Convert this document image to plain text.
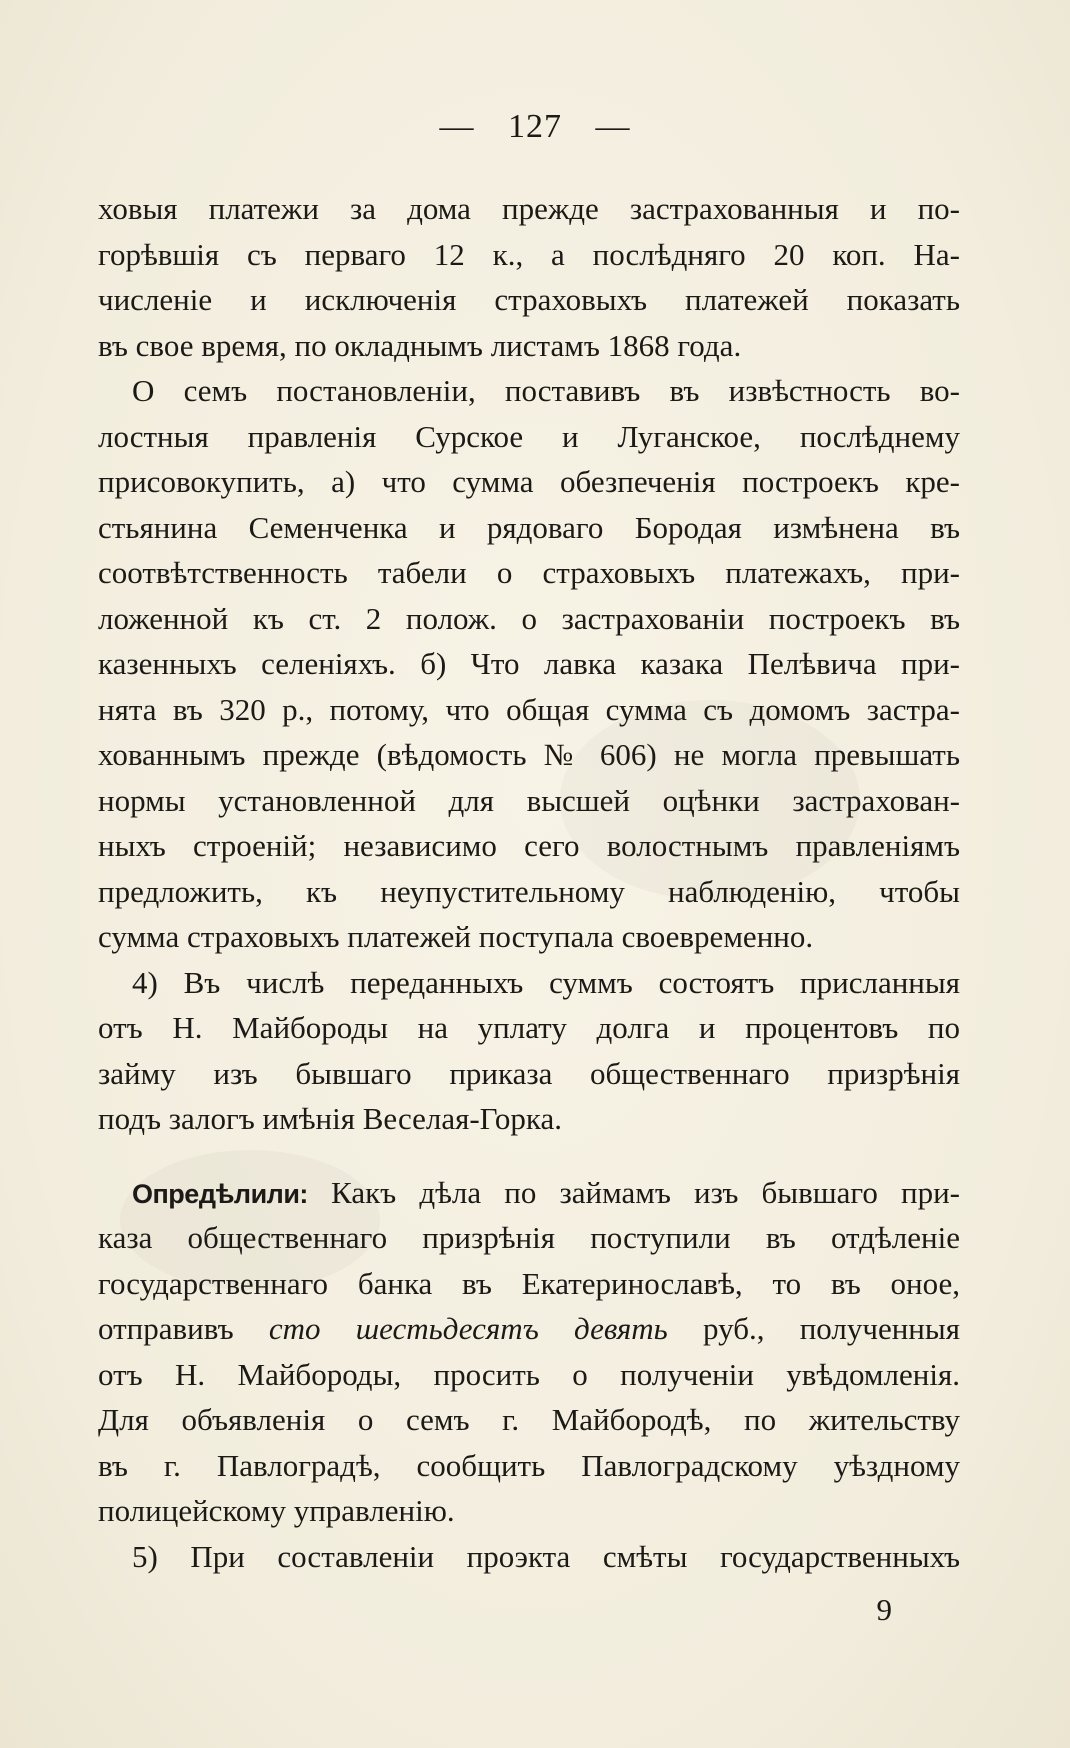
— 127 —
ховыя платежи за дома прежде застрахованныя и по-
горѣвшія съ перваго 12 к., а послѣдняго 20 коп. На-
численіе и исключенія страховыхъ платежей показать
въ свое время, по окладнымъ листамъ 1868 года.
О семъ постановленіи, поставивъ въ извѣстность во-
лостныя правленія Сурское и Луганское, послѣднему
присовокупить, а) что сумма обезпеченія построекъ кре-
стьянина Семенченка и рядоваго Бородая измѣнена въ
соотвѣтственность табели о страховыхъ платежахъ, при-
ложенной къ ст. 2 полож. о застрахованіи построекъ въ
казенныхъ селеніяхъ. б) Что лавка казака Пелѣвича при-
нята въ 320 р., потому, что общая сумма съ домомъ застра-
хованнымъ прежде (вѣдомость № 606) не могла превышать
нормы установленной для высшей оцѣнки застрахован-
ныхъ строеній; независимо сего волостнымъ правленіямъ
предложить, къ неупустительному наблюденію, чтобы
сумма страховыхъ платежей поступала своевременно.
4) Въ числѣ переданныхъ суммъ состоятъ присланныя
отъ Н. Майбороды на уплату долга и процентовъ по
займу изъ бывшаго приказа общественнаго призрѣнія
подъ залогъ имѣнія Веселая-Горка.
Опредѣлили: Какъ дѣла по займамъ изъ бывшаго при-
каза общественнаго призрѣнія поступили въ отдѣленіе
государственнаго банка въ Екатеринославѣ, то въ оное,
отправивъ сто шестьдесятъ девять руб., полученныя
отъ Н. Майбороды, просить о полученіи увѣдомленія.
Для объявленія о семъ г. Майбородѣ, по жительству
въ г. Павлоградѣ, сообщить Павлоградскому уѣздному
полицейскому управленію.
5) При составленіи проэкта смѣты государственныхъ
9
